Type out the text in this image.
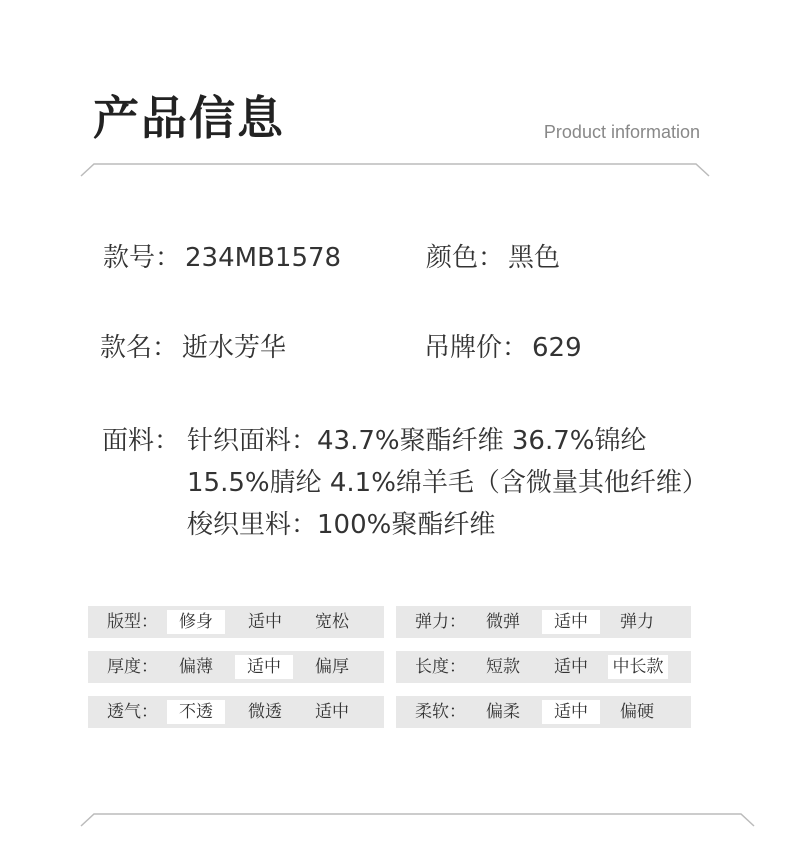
产品信息	Product information
款号： 234MB1578	颜色： 黑色
款名： 逝水芳华	吊牌价： 629
面料： 针织面料：43.7%聚酯纤维 36.7%锦纶
15.5%腈纶 4.1%绵羊毛（含微量其他纤维）
梭织里料：100%聚酯纤维
版型：	修身	适中	宽松	弹力：	微弹	适中	弹力
厚度：	偏薄	适中	偏厚	长度：	短款	适中	中长款
透气：	不透	微透	适中	柔软：	偏柔	适中	偏硬
